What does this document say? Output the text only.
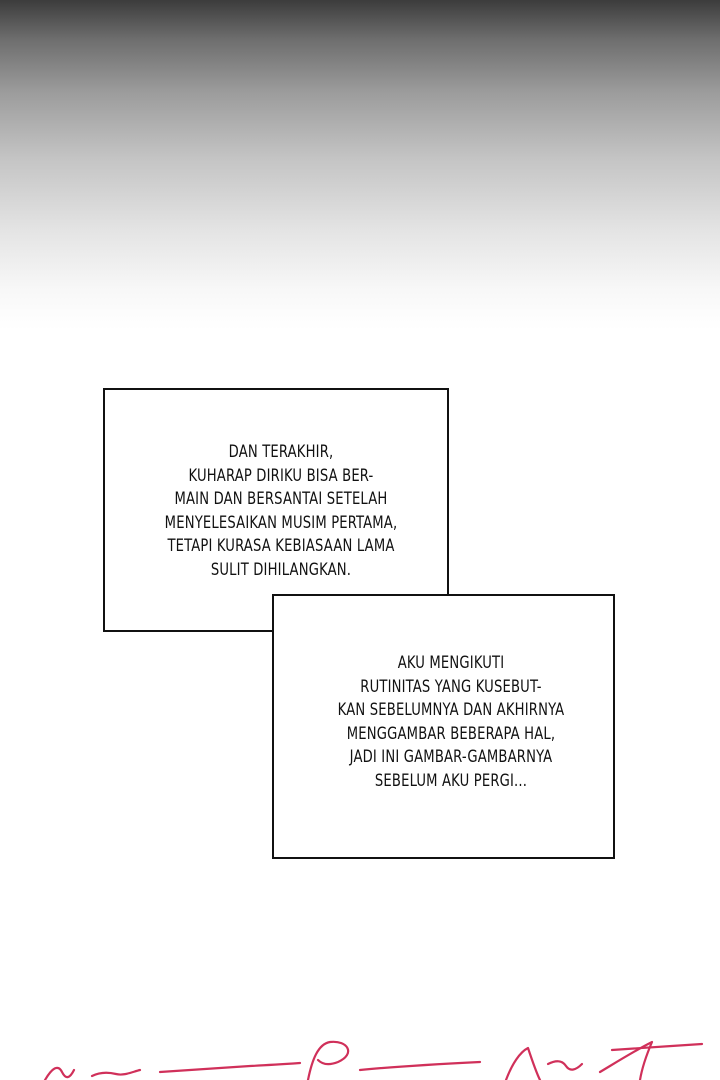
DAN TERAKHIR,
KUHARAP DIRIKU BISA BER-
MAIN DAN BERSANTAI SETELAH
MENYELESAIKAN MUSIM PERTAMA,
TETAPI KURASA KEBIASAAN LAMA
SULIT DIHILANGKAN.

AKU MENGIKUTI
RUTINITAS YANG KUSEBUT-
KAN SEBELUMNYA DAN AKHIRNYA
MENGGAMBAR BEBERAPA HAL,
JADI INI GAMBAR-GAMBARNYA
SEBELUM AKU PERGI...
